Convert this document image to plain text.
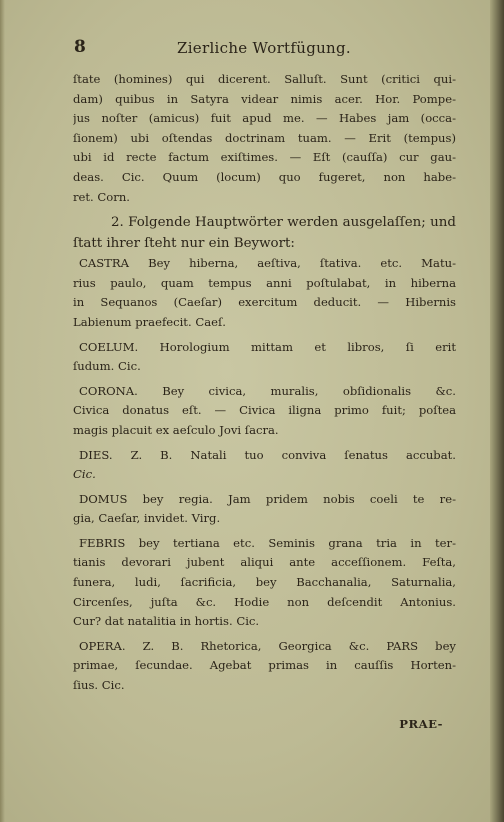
8	Zierliche Wortfügung.
ſtate (homines) qui dicerent. Salluſt. Sunt (critici qui-
dam) quibus in Satyra videar nimis acer. Hor. Pompe-
jus noſter (amicus) fuit apud me. — Habes jam (occa-
ſionem) ubi oſtendas doctrinam tuam. — Erit (tempus)
ubi id recte factum exiſtimes. — Eſt (cauſſa) cur gau-
deas. Cic. Quum (locum) quo fugeret, non habe-
ret. Corn.
2. Folgende Hauptwörter werden ausgelaſſen; und
ſtatt ihrer ſteht nur ein Beywort:
CASTRA Bey hiberna, aeſtiva, ſtativa. etc. Matu-
rius paulo, quam tempus anni poſtulabat, in hiberna
in Sequanos (Caeſar) exercitum deducit. — Hibernis
Labienum praefecit. Caeſ.
COELUM. Horologium mittam et libros, ſi erit
ſudum. Cic.
CORONA. Bey civica, muralis, obſidionalis &c.
Civica donatus eſt. — Civica iligna primo fuit; poſtea
magis placuit ex aeſculo Jovi ſacra.
DIES. Z. B. Natali tuo conviva ſenatus accubat.
Cic.
DOMUS bey regia. Jam pridem nobis coeli te re-
gia, Caeſar, invidet. Virg.
FEBRIS bey tertiana etc. Seminis grana tria in ter-
tianis devorari jubent aliqui ante acceſſionem. Feſta,
funera, ludi, ſacrificia, bey Bacchanalia, Saturnalia,
Circenſes, juſta &c. Hodie non deſcendit Antonius.
Cur? dat natalitia in hortis. Cic.
OPERA. Z. B. Rhetorica, Georgica &c. PARS bey
primae, ſecundae. Agebat primas in cauſſis Horten-
ſius. Cic.
PRAE-
